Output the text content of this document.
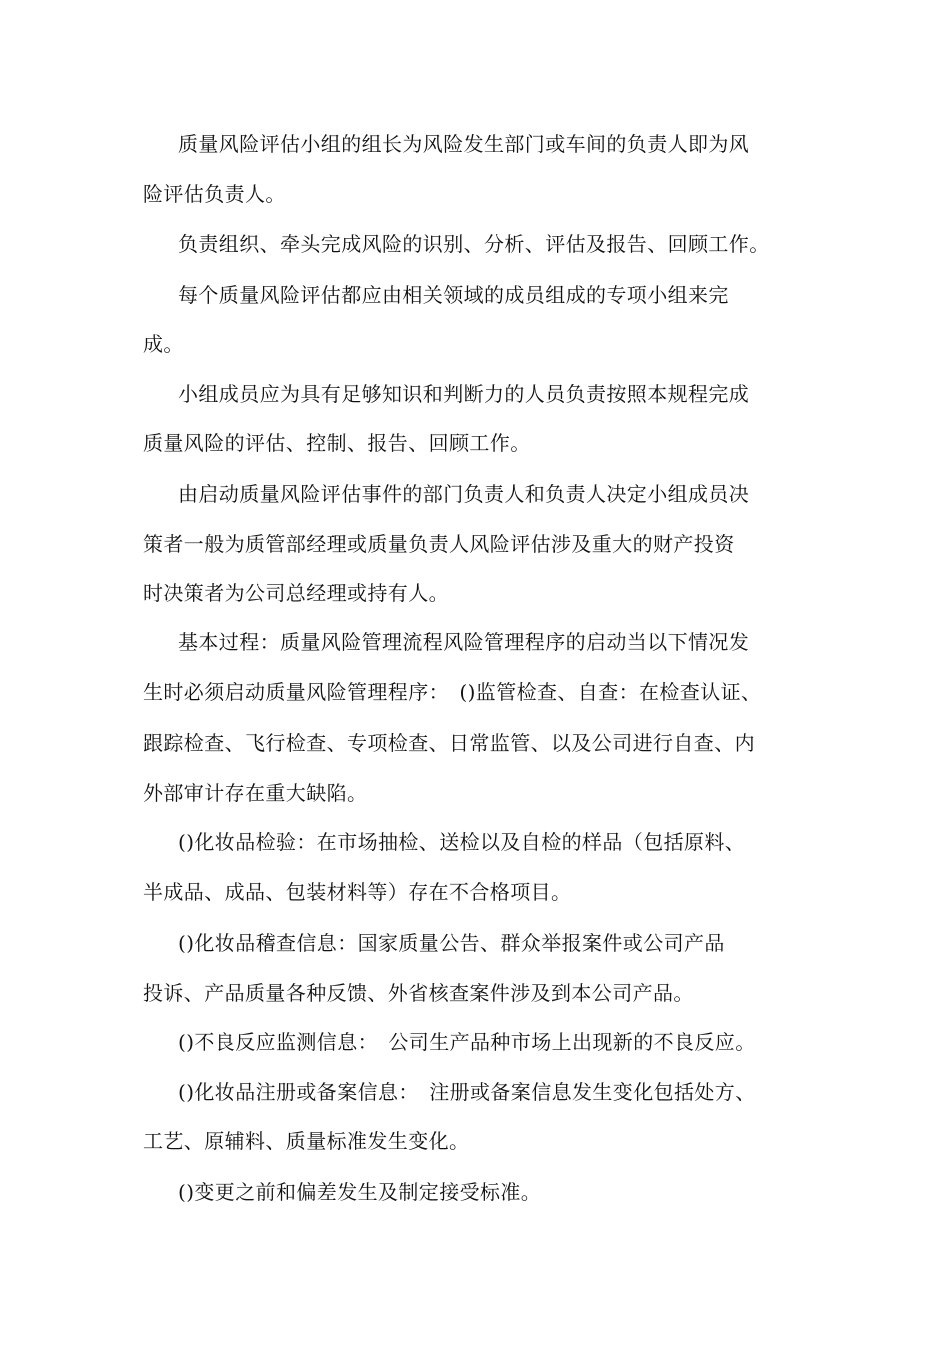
质量风险评估小组的组长为风险发生部门或车间的负责人即为风
险评估负责人。
负责组织、牵头完成风险的识别、分析、评估及报告、回顾工作。
每个质量风险评估都应由相关领域的成员组成的专项小组来完
成。
小组成员应为具有足够知识和判断力的人员负责按照本规程完成
质量风险的评估、控制、报告、回顾工作。
由启动质量风险评估事件的部门负责人和负责人决定小组成员决
策者一般为质管部经理或质量负责人风险评估涉及重大的财产投资
时决策者为公司总经理或持有人。
基本过程：质量风险管理流程风险管理程序的启动当以下情况发
生时必须启动质量风险管理程序：　()监管检查、自查：在检查认证、
跟踪检查、飞行检查、专项检查、日常监管、以及公司进行自查、内
外部审计存在重大缺陷。
()化妆品检验：在市场抽检、送检以及自检的样品（包括原料、
半成品、成品、包装材料等）存在不合格项目。
()化妆品稽查信息：国家质量公告、群众举报案件或公司产品
投诉、产品质量各种反馈、外省核查案件涉及到本公司产品。
()不良反应监测信息：　公司生产品种市场上出现新的不良反应。
()化妆品注册或备案信息：　注册或备案信息发生变化包括处方、
工艺、原辅料、质量标准发生变化。
()变更之前和偏差发生及制定接受标准。
